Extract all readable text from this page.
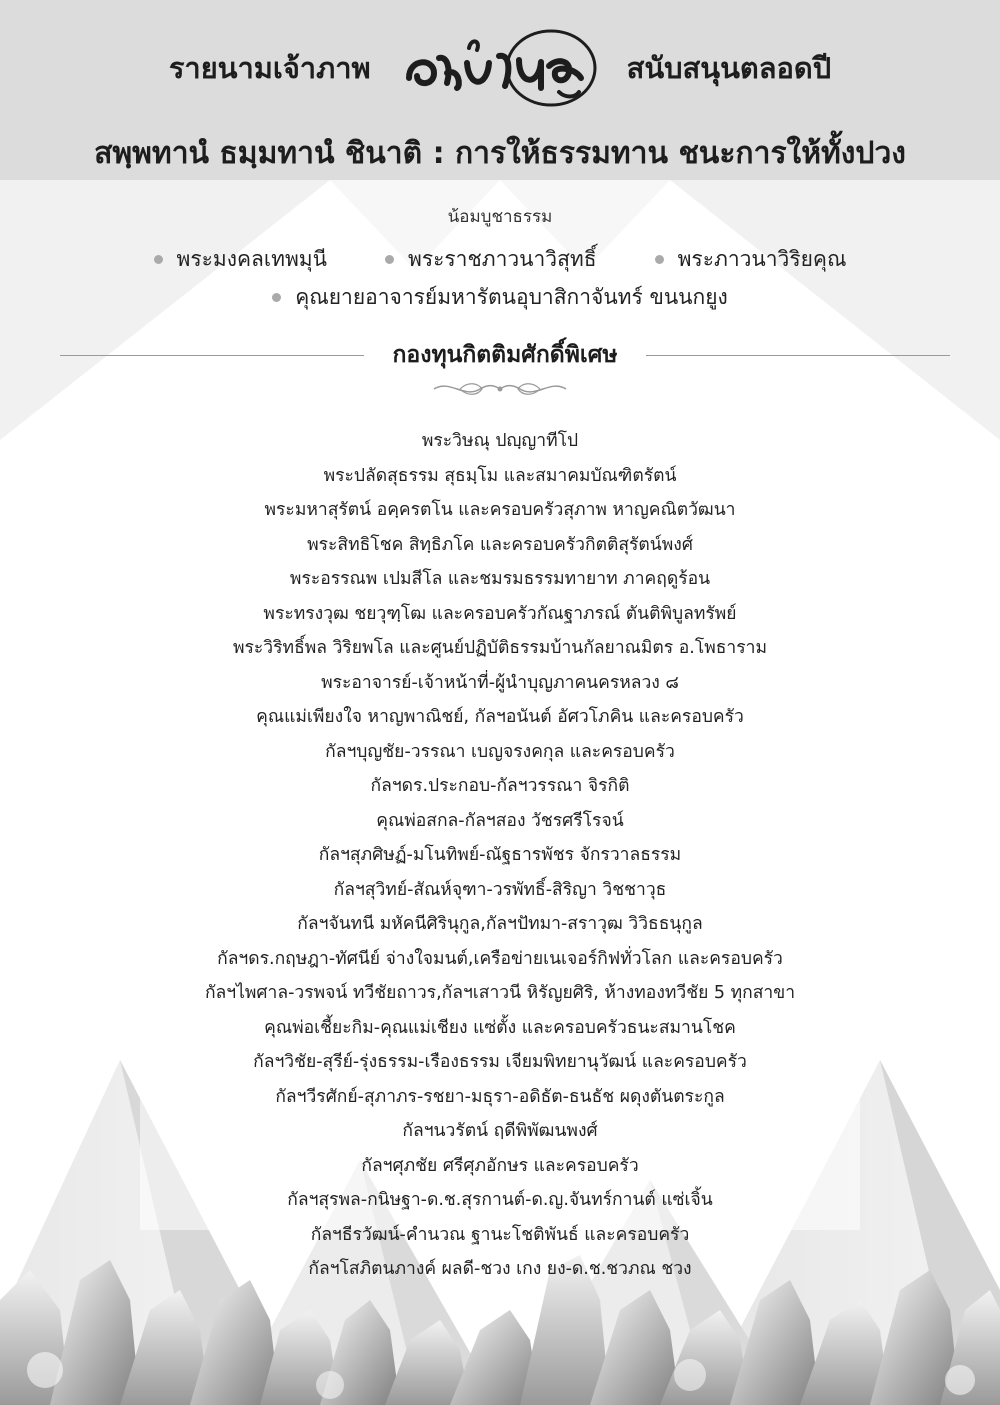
รายนามเจ้าภาพ	สนับสนุนตลอดปี
สพฺพทานํ ธมฺมทานํ ชินาติ : การให้ธรรมทาน ชนะการให้ทั้งปวง
น้อมบูชาธรรม
พระมงคลเทพมุนี	พระราชภาวนาวิสุทธิ์	พระภาวนาวิริยคุณ
คุณยายอาจารย์มหารัตนอุบาสิกาจันทร์ ขนนกยูง
กองทุนกิตติมศักดิ์พิเศษ
พระวิษณุ ปญฺญาทีโป
พระปลัดสุธรรม สุธมฺโม และสมาคมบัณฑิตรัตน์
พระมหาสุรัตน์ อคฺครตโน และครอบครัวสุภาพ หาญคณิตวัฒนา
พระสิทธิโชค สิทฺธิภโค และครอบครัวกิตติสุรัตน์พงศ์
พระอรรณพ เปมสีโล และชมรมธรรมทายาท ภาคฤดูร้อน
พระทรงวุฒ ชยวุฑฺโฒ และครอบครัวกัณฐาภรณ์ ตันติพิบูลทรัพย์
พระวิริทธิ์พล วิริยพโล และศูนย์ปฏิบัติธรรมบ้านกัลยาณมิตร อ.โพธาราม
พระอาจารย์-เจ้าหน้าที่-ผู้นำบุญภาคนครหลวง ๘
คุณแม่เพียงใจ หาญพาณิชย์, กัลฯอนันต์ อัศวโภคิน และครอบครัว
กัลฯบุญชัย-วรรณา เบญจรงคกุล และครอบครัว
กัลฯดร.ประกอบ-กัลฯวรรณา จิรกิติ
คุณพ่อสกล-กัลฯสอง วัชรศรีโรจน์
กัลฯสุภศิษฏ์-มโนทิพย์-ณัฐธารพัชร จักรวาลธรรม
กัลฯสุวิทย์-สัณห์จุฑา-วรพัทธิ์-สิริญา วิชชาวุธ
กัลฯจันทนี มหัคนีศิรินุกูล,กัลฯปัทมา-สราวุฒ วิวิธธนุกูล
กัลฯดร.กฤษฎา-ทัศนีย์ จ่างใจมนต์,เครือข่ายเนเจอร์กิฟทั่วโลก และครอบครัว
กัลฯไพศาล-วรพจน์ ทวีชัยถาวร,กัลฯเสาวนี หิรัญยศิริ, ห้างทองทวีชัย 5 ทุกสาขา
คุณพ่อเชี้ยะกิม-คุณแม่เชียง แซ่ตั้ง และครอบครัวธนะสมานโชค
กัลฯวิชัย-สุรีย์-รุ่งธรรม-เรืองธรรม เจียมพิทยานุวัฒน์ และครอบครัว
กัลฯวีรศักย์-สุภาภร-รชยา-มธุรา-อดิธัต-ธนธัช ผดุงตันตระกูล
กัลฯนวรัตน์ ฤดีพิพัฒนพงศ์
กัลฯศุภชัย ศรีศุภอักษร และครอบครัว
กัลฯสุรพล-กนิษฐา-ด.ช.สุรกานต์-ด.ญ.จันทร์กานต์ แซ่เจิ้น
กัลฯธีรวัฒน์-คำนวณ ฐานะโชติพันธ์ และครอบครัว
กัลฯโสภิตนภางค์ ผลดี-ชวง เกง ยง-ด.ช.ชวภณ ชวง
